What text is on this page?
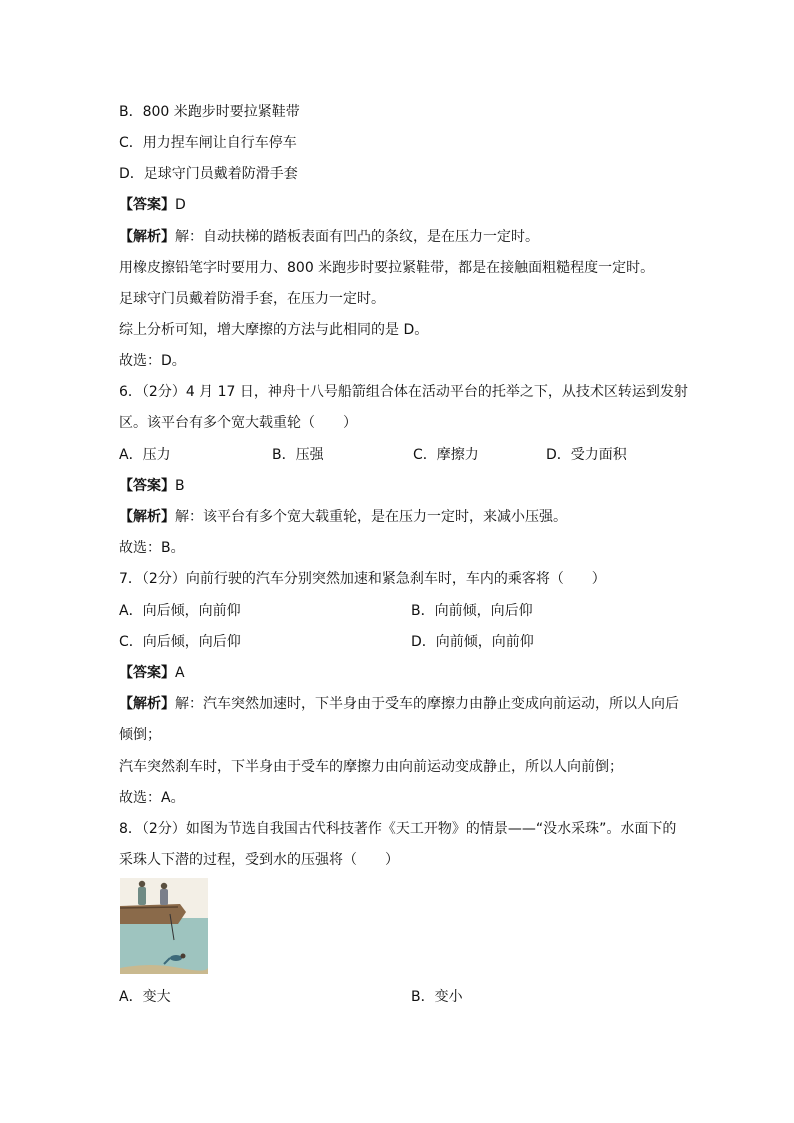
B．800 米跑步时要拉紧鞋带
C．用力捏车闸让自行车停车
D．足球守门员戴着防滑手套
【答案】D
【解析】解：自动扶梯的踏板表面有凹凸的条纹，是在压力一定时。
用橡皮擦铅笔字时要用力、800 米跑步时要拉紧鞋带，都是在接触面粗糙程度一定时。
足球守门员戴着防滑手套，在压力一定时。
综上分析可知，增大摩擦的方法与此相同的是 D。
故选：D。
6．（2分）4 月 17 日，神舟十八号船箭组合体在活动平台的托举之下，从技术区转运到发射
区。该平台有多个宽大载重轮（　　）
A．压力	B．压强	C．摩擦力	D．受力面积
【答案】B
【解析】解：该平台有多个宽大载重轮，是在压力一定时，来减小压强。
故选：B。
7．（2分）向前行驶的汽车分别突然加速和紧急刹车时，车内的乘客将（　　）
A．向后倾，向前仰	B．向前倾，向后仰
C．向后倾，向后仰	D．向前倾，向前仰
【答案】A
【解析】解：汽车突然加速时，下半身由于受车的摩擦力由静止变成向前运动，所以人向后
倾倒；
汽车突然刹车时，下半身由于受车的摩擦力由向前运动变成静止，所以人向前倒；
故选：A。
8．（2分）如图为节选自我国古代科技著作《天工开物》的情景——“没水采珠”。水面下的
采珠人下潜的过程，受到水的压强将（　　）
A．变大	B．变小
